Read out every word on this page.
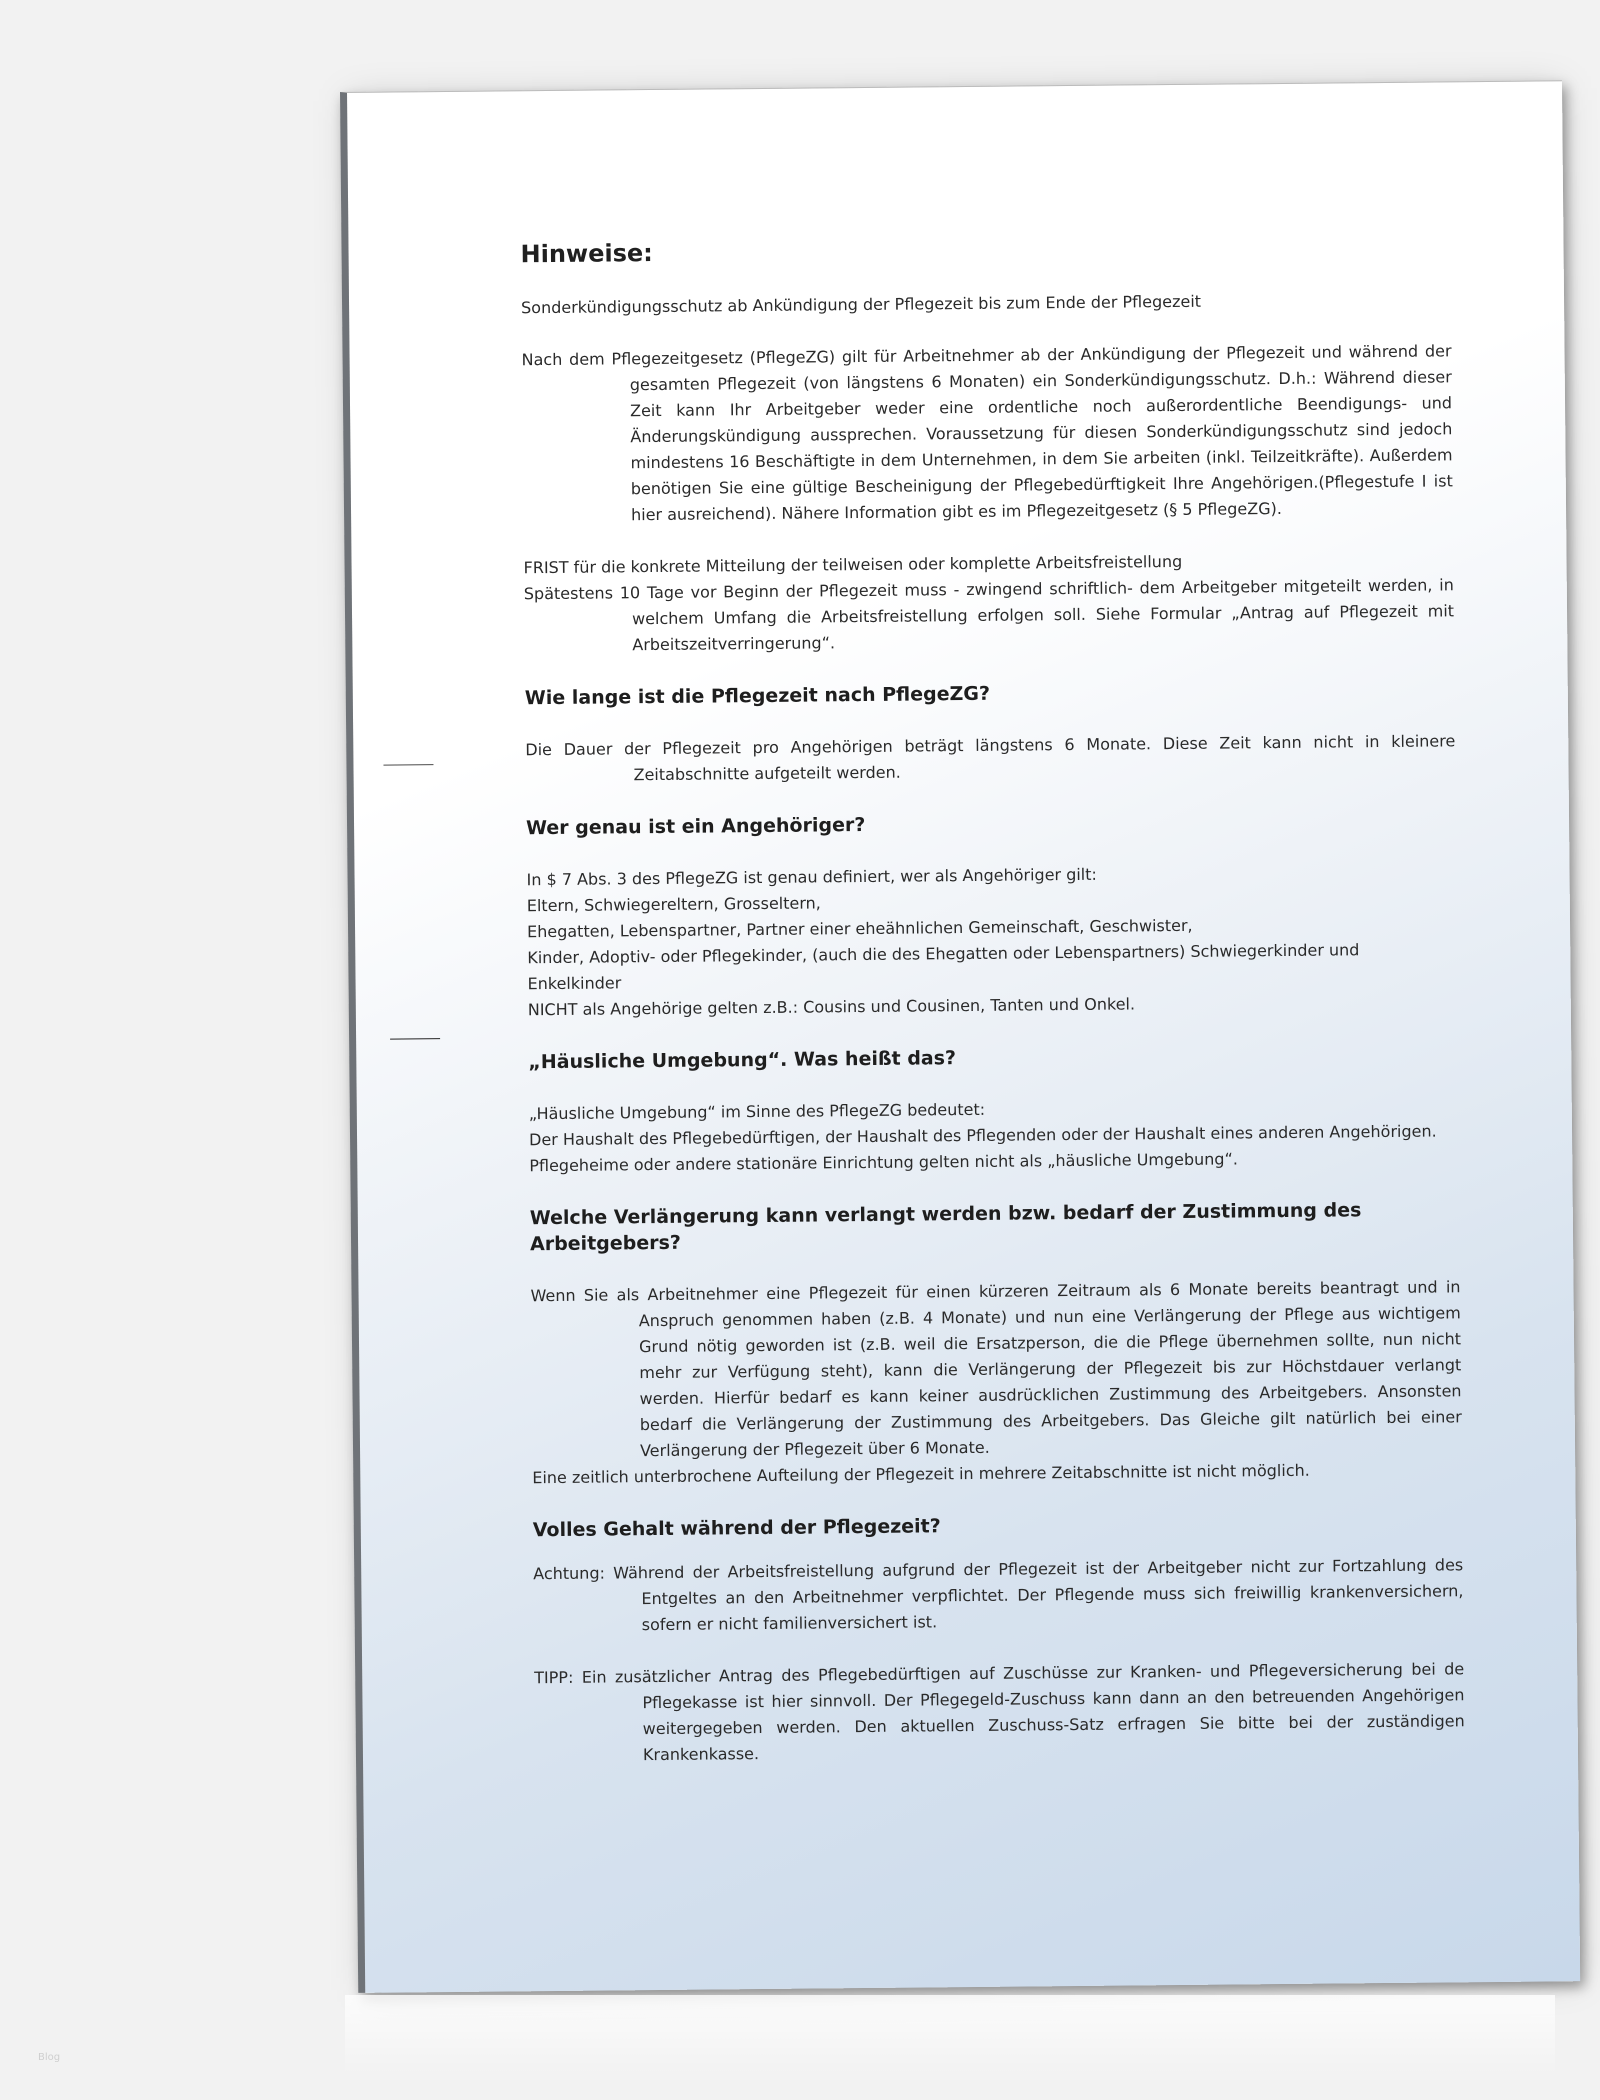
Hinweise:

Sonderkündigungsschutz ab Ankündigung der Pflegezeit bis zum Ende der Pflegezeit

Nach dem Pflegezeitgesetz (PflegeZG) gilt für Arbeitnehmer ab der Ankündigung der Pflegezeit und während der gesamten Pflegezeit (von längstens 6 Monaten) ein Sonderkündigungsschutz. D.h.: Während dieser Zeit kann Ihr Arbeitgeber weder eine ordentliche noch außerordentliche Beendigungs- und Änderungskündigung aussprechen. Voraussetzung für diesen Sonderkündigungsschutz sind jedoch mindestens 16 Beschäftigte in dem Unternehmen, in dem Sie arbeiten (inkl. Teilzeitkräfte). Außerdem benötigen Sie eine gültige Bescheinigung der Pflegebedürftigkeit Ihre Angehörigen.(Pflegestufe I ist hier ausreichend). Nähere Information gibt es im Pflegezeitgesetz (§ 5 PflegeZG).

FRIST für die konkrete Mitteilung der teilweisen oder komplette Arbeitsfreistellung

Spätestens 10 Tage vor Beginn der Pflegezeit muss - zwingend schriftlich- dem Arbeitgeber mitgeteilt werden, in welchem Umfang die Arbeitsfreistellung erfolgen soll. Siehe Formular „Antrag auf Pflegezeit mit Arbeitszeitverringerung“.

Wie lange ist die Pflegezeit nach PflegeZG?

Die Dauer der Pflegezeit pro Angehörigen beträgt längstens 6 Monate. Diese Zeit kann nicht in kleinere Zeitabschnitte aufgeteilt werden.

Wer genau ist ein Angehöriger?

In $ 7 Abs. 3 des PflegeZG ist genau definiert, wer als Angehöriger gilt:

Eltern, Schwiegereltern, Grosseltern,

Ehegatten, Lebenspartner, Partner einer eheähnlichen Gemeinschaft, Geschwister,

Kinder, Adoptiv- oder Pflegekinder, (auch die des Ehegatten oder Lebenspartners) Schwiegerkinder und Enkelkinder

NICHT als Angehörige gelten z.B.: Cousins und Cousinen, Tanten und Onkel.

„Häusliche Umgebung“. Was heißt das?

„Häusliche Umgebung“ im Sinne des PflegeZG bedeutet:

Der Haushalt des Pflegebedürftigen, der Haushalt des Pflegenden oder der Haushalt eines anderen Angehörigen.

Pflegeheime oder andere stationäre Einrichtung gelten nicht als „häusliche Umgebung“.

Welche Verlängerung kann verlangt werden bzw. bedarf der Zustimmung des Arbeitgebers?

Wenn Sie als Arbeitnehmer eine Pflegezeit für einen kürzeren Zeitraum als 6 Monate bereits beantragt und in Anspruch genommen haben (z.B. 4 Monate) und nun eine Verlängerung der Pflege aus wichtigem Grund nötig geworden ist (z.B. weil die Ersatzperson, die die Pflege übernehmen sollte, nun nicht mehr zur Verfügung steht), kann die Verlängerung der Pflegezeit bis zur Höchstdauer verlangt werden. Hierfür bedarf es kann keiner ausdrücklichen Zustimmung des Arbeitgebers. Ansonsten bedarf die Verlängerung der Zustimmung des Arbeitgebers. Das Gleiche gilt natürlich bei einer Verlängerung der Pflegezeit über 6 Monate.

Eine zeitlich unterbrochene Aufteilung der Pflegezeit in mehrere Zeitabschnitte ist nicht möglich.

Volles Gehalt während der Pflegezeit?

Achtung: Während der Arbeitsfreistellung aufgrund der Pflegezeit ist der Arbeitgeber nicht zur Fortzahlung des Entgeltes an den Arbeitnehmer verpflichtet. Der Pflegende muss sich freiwillig krankenversichern, sofern er nicht familienversichert ist.

TIPP: Ein zusätzlicher Antrag des Pflegebedürftigen auf Zuschüsse zur Kranken- und Pflegeversicherung bei de Pflegekasse ist hier sinnvoll. Der Pflegegeld-Zuschuss kann dann an den betreuenden Angehörigen weitergegeben werden. Den aktuellen Zuschuss-Satz erfragen Sie bitte bei der zuständigen Krankenkasse.

Blog
